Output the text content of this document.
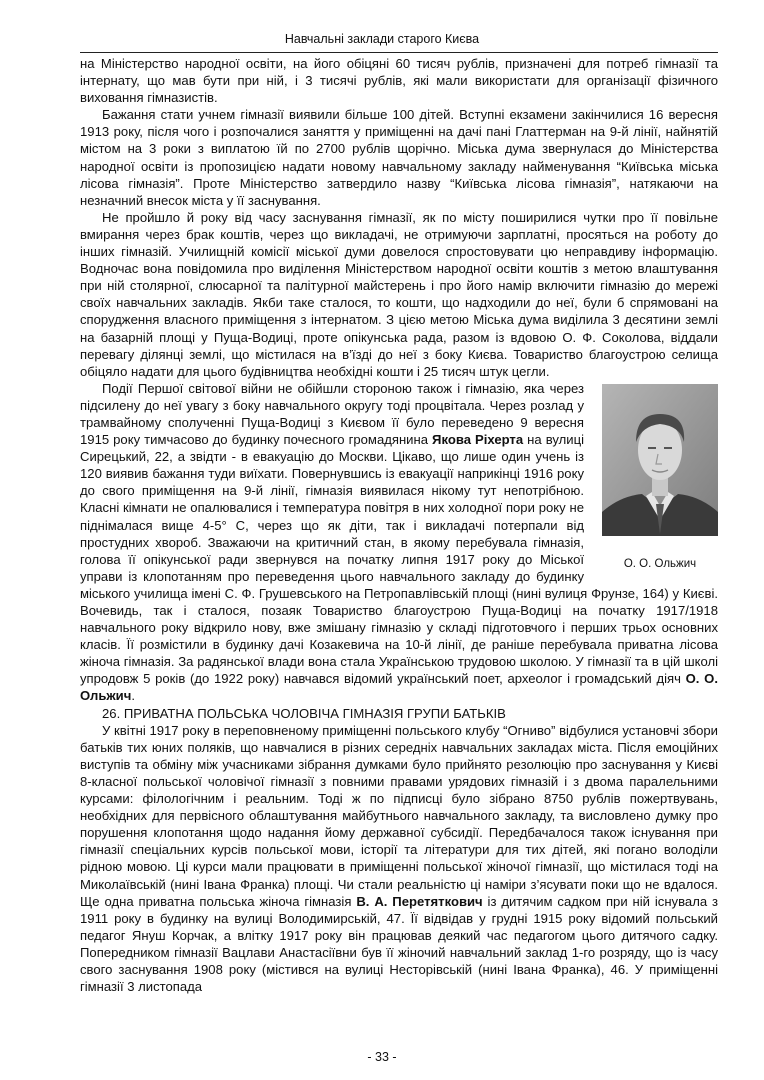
Навчальні заклади старого Києва

на Міністерство народної освіти, на його обіцяні 60 тисяч рублів, призначені для потреб гімназії та інтернату, що мав бути при ній, і 3 тисячі рублів, які мали використати для організації фізичного виховання гімназистів.

Бажання стати учнем гімназії виявили більше 100 дітей. Вступні екзамени закінчилися 16 вересня 1913 року, після чого і розпочалися заняття у приміщенні на дачі пані Глаттерман на 9-й лінії, найнятій містом на 3 роки з виплатою їй по 2700 рублів щорічно. Міська дума звернулася до Міністерства народної освіти із пропозицією надати новому навчальному закладу найменування “Київська міська лісова гімназія”. Проте Міністерство затвердило назву “Київська лісова гімназія”, натякаючи на незначний внесок міста у її заснування.

Не пройшло й року від часу заснування гімназії, як по місту поширилися чутки про її повільне вмирання через брак коштів, через що викладачі, не отримуючи зарплатні, просяться на роботу до інших гімназій. Училищній комісії міської думи довелося спростовувати цю неправдиву інформацію. Водночас вона повідомила про виділення Міністерством народної освіти коштів з метою влаштування при ній столярної, слюсарної та палітурної майстерень і про його намір включити гімназію до мережі своїх навчальних закладів. Якби таке сталося, то кошти, що надходили до неї, були б спрямовані на спорудження власного приміщення з інтернатом. З цією метою Міська дума виділила 3 десятини землі на базарній площі у Пуща-Водиці, проте опікунська рада, разом із вдовою О. Ф. Соколова, віддали перевагу ділянці землі, що містилася на в’їзді до неї з боку Києва. Товариство благоустрою селища обіцяло надати для цього будівництва необхідні кошти і 25 тисяч штук цегли.

О. О. Ольжич

Події Першої світової війни не обійшли стороною також і гімназію, яка через підсилену до неї увагу з боку навчального округу тоді процвітала. Через розлад у трамвайному сполученні Пуща-Водиці з Києвом її було переведено 9 вересня 1915 року тимчасово до будинку почесного громадянина Якова Ріхерта на вулиці Сирецький, 22, а звідти - в евакуацію до Москви. Цікаво, що лише один учень із 120 виявив бажання туди виїхати. Повернувшись із евакуації наприкінці 1916 року до свого приміщення на 9-й лінії, гімназія виявилася нікому тут непотрібною. Класні кімнати не опалювалися і температура повітря в них холодної пори року не піднімалася вище 4-5° С, через що як діти, так і викладачі потерпали від простудних хвороб. Зважаючи на критичний стан, в якому перебувала гімназія, голова її опікунської ради звернувся на початку липня 1917 року до Міської управи із клопотанням про переведення цього навчального закладу до будинку міського училища імені С. Ф. Грушевського на Петропавлівській площі (нині вулиця Фрунзе, 164) у Києві. Вочевидь, так і сталося, позаяк Товариство благоустрою Пуща-Водиці на початку 1917/1918 навчального року відкрило нову, вже змішану гімназію у складі підготовчого і перших трьох основних класів. Її розмістили в будинку дачі Козакевича на 10-й лінії, де раніше перебувала приватна лісова жіноча гімназія. За радянської влади вона стала Українською трудовою школою. У гімназії та в цій школі упродовж 5 років (до 1922 року) навчався відомий український поет, археолог і громадський діяч О. О. Ольжич.

26. ПРИВАТНА ПОЛЬСЬКА ЧОЛОВІЧА ГІМНАЗІЯ ГРУПИ БАТЬКІВ

У квітні 1917 року в переповненому приміщенні польського клубу “Огниво” відбулися установчі збори батьків тих юних поляків, що навчалися в різних середніх навчальних закладах міста. Після емоційних виступів та обміну між учасниками зібрання думками було прийнято резолюцію про заснування у Києві 8-класної польської чоловічої гімназії з повними правами урядових гімназій і з двома паралельними курсами: філологічним і реальним. Тоді ж по підписці було зібрано 8750 рублів пожертвувань, необхідних для первісного облаштування майбутнього навчального закладу, та висловлено думку про порушення клопотання щодо надання йому державної субсидії. Передбачалося також існування при гімназії спеціальних курсів польської мови, історії та літератури для тих дітей, які погано володіли рідною мовою. Ці курси мали працювати в приміщенні польської жіночої гімназії, що містилася тоді на Миколаївській (нині Івана Франка) площі. Чи стали реальністю ці наміри з’ясувати поки що не вдалося. Ще одна приватна польська жіноча гімназія В. А. Перетяткович із дитячим садком при ній існувала з 1911 року в будинку на вулиці Володимирській, 47. Її відвідав у грудні 1915 року відомий польський педагог Януш Корчак, а влітку 1917 року він працював деякий час педагогом цього дитячого садку. Попередником гімназії Вацлави Анастасіївни був її жіночий навчальний заклад 1-го розряду, що із часу свого заснування 1908 року (містився на вулиці Несторівській (нині Івана Франка), 46. У приміщенні гімназії 3 листопада

- 33 -
